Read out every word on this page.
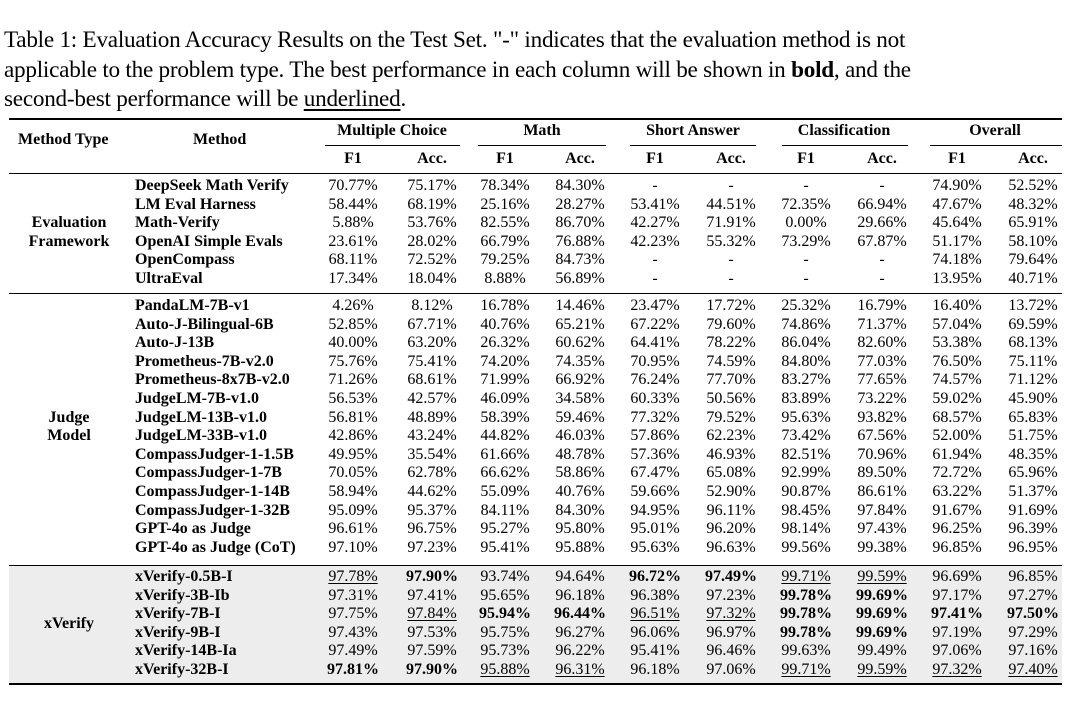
Table 1: Evaluation Accuracy Results on the Test Set. "-" indicates that the evaluation method is not
applicable to the problem type. The best performance in each column will be shown in bold, and the
second-best performance will be underlined.
Method Type	Method
Multiple Choice
F1	Acc.
Math
F1	Acc.
Short Answer
F1	Acc.
Classification
F1	Acc.
Overall
F1	Acc.
Evaluation
Framework
DeepSeek Math Verify	70.77%	75.17%	78.34%	84.30%	-	-	-	-	74.90%	52.52%
LM Eval Harness	58.44%	68.19%	25.16%	28.27%	53.41%	44.51%	72.35%	66.94%	47.67%	48.32%
Math-Verify	5.88%	53.76%	82.55%	86.70%	42.27%	71.91%	0.00%	29.66%	45.64%	65.91%
OpenAI Simple Evals	23.61%	28.02%	66.79%	76.88%	42.23%	55.32%	73.29%	67.87%	51.17%	58.10%
OpenCompass	68.11%	72.52%	79.25%	84.73%	-	-	-	-	74.18%	79.64%
UltraEval	17.34%	18.04%	8.88%	56.89%	-	-	-	-	13.95%	40.71%
Judge
Model
PandaLM-7B-v1	4.26%	8.12%	16.78%	14.46%	23.47%	17.72%	25.32%	16.79%	16.40%	13.72%
Auto-J-Bilingual-6B	52.85%	67.71%	40.76%	65.21%	67.22%	79.60%	74.86%	71.37%	57.04%	69.59%
Auto-J-13B	40.00%	63.20%	26.32%	60.62%	64.41%	78.22%	86.04%	82.60%	53.38%	68.13%
Prometheus-7B-v2.0	75.76%	75.41%	74.20%	74.35%	70.95%	74.59%	84.80%	77.03%	76.50%	75.11%
Prometheus-8x7B-v2.0	71.26%	68.61%	71.99%	66.92%	76.24%	77.70%	83.27%	77.65%	74.57%	71.12%
JudgeLM-7B-v1.0	56.53%	42.57%	46.09%	34.58%	60.33%	50.56%	83.89%	73.22%	59.02%	45.90%
JudgeLM-13B-v1.0	56.81%	48.89%	58.39%	59.46%	77.32%	79.52%	95.63%	93.82%	68.57%	65.83%
JudgeLM-33B-v1.0	42.86%	43.24%	44.82%	46.03%	57.86%	62.23%	73.42%	67.56%	52.00%	51.75%
CompassJudger-1-1.5B	49.95%	35.54%	61.66%	48.78%	57.36%	46.93%	82.51%	70.96%	61.94%	48.35%
CompassJudger-1-7B	70.05%	62.78%	66.62%	58.86%	67.47%	65.08%	92.99%	89.50%	72.72%	65.96%
CompassJudger-1-14B	58.94%	44.62%	55.09%	40.76%	59.66%	52.90%	90.87%	86.61%	63.22%	51.37%
CompassJudger-1-32B	95.09%	95.37%	84.11%	84.30%	94.95%	96.11%	98.45%	97.84%	91.67%	91.69%
GPT-4o as Judge	96.61%	96.75%	95.27%	95.80%	95.01%	96.20%	98.14%	97.43%	96.25%	96.39%
GPT-4o as Judge (CoT)	97.10%	97.23%	95.41%	95.88%	95.63%	96.63%	99.56%	99.38%	96.85%	96.95%
xVerify
xVerify-0.5B-I	97.78%	97.90%	93.74%	94.64%	96.72%	97.49%	99.71%	99.59%	96.69%	96.85%
xVerify-3B-Ib	97.31%	97.41%	95.65%	96.18%	96.38%	97.23%	99.78%	99.69%	97.17%	97.27%
xVerify-7B-I	97.75%	97.84%	95.94%	96.44%	96.51%	97.32%	99.78%	99.69%	97.41%	97.50%
xVerify-9B-I	97.43%	97.53%	95.75%	96.27%	96.06%	96.97%	99.78%	99.69%	97.19%	97.29%
xVerify-14B-Ia	97.49%	97.59%	95.73%	96.22%	95.41%	96.46%	99.63%	99.49%	97.06%	97.16%
xVerify-32B-I	97.81%	97.90%	95.88%	96.31%	96.18%	97.06%	99.71%	99.59%	97.32%	97.40%
